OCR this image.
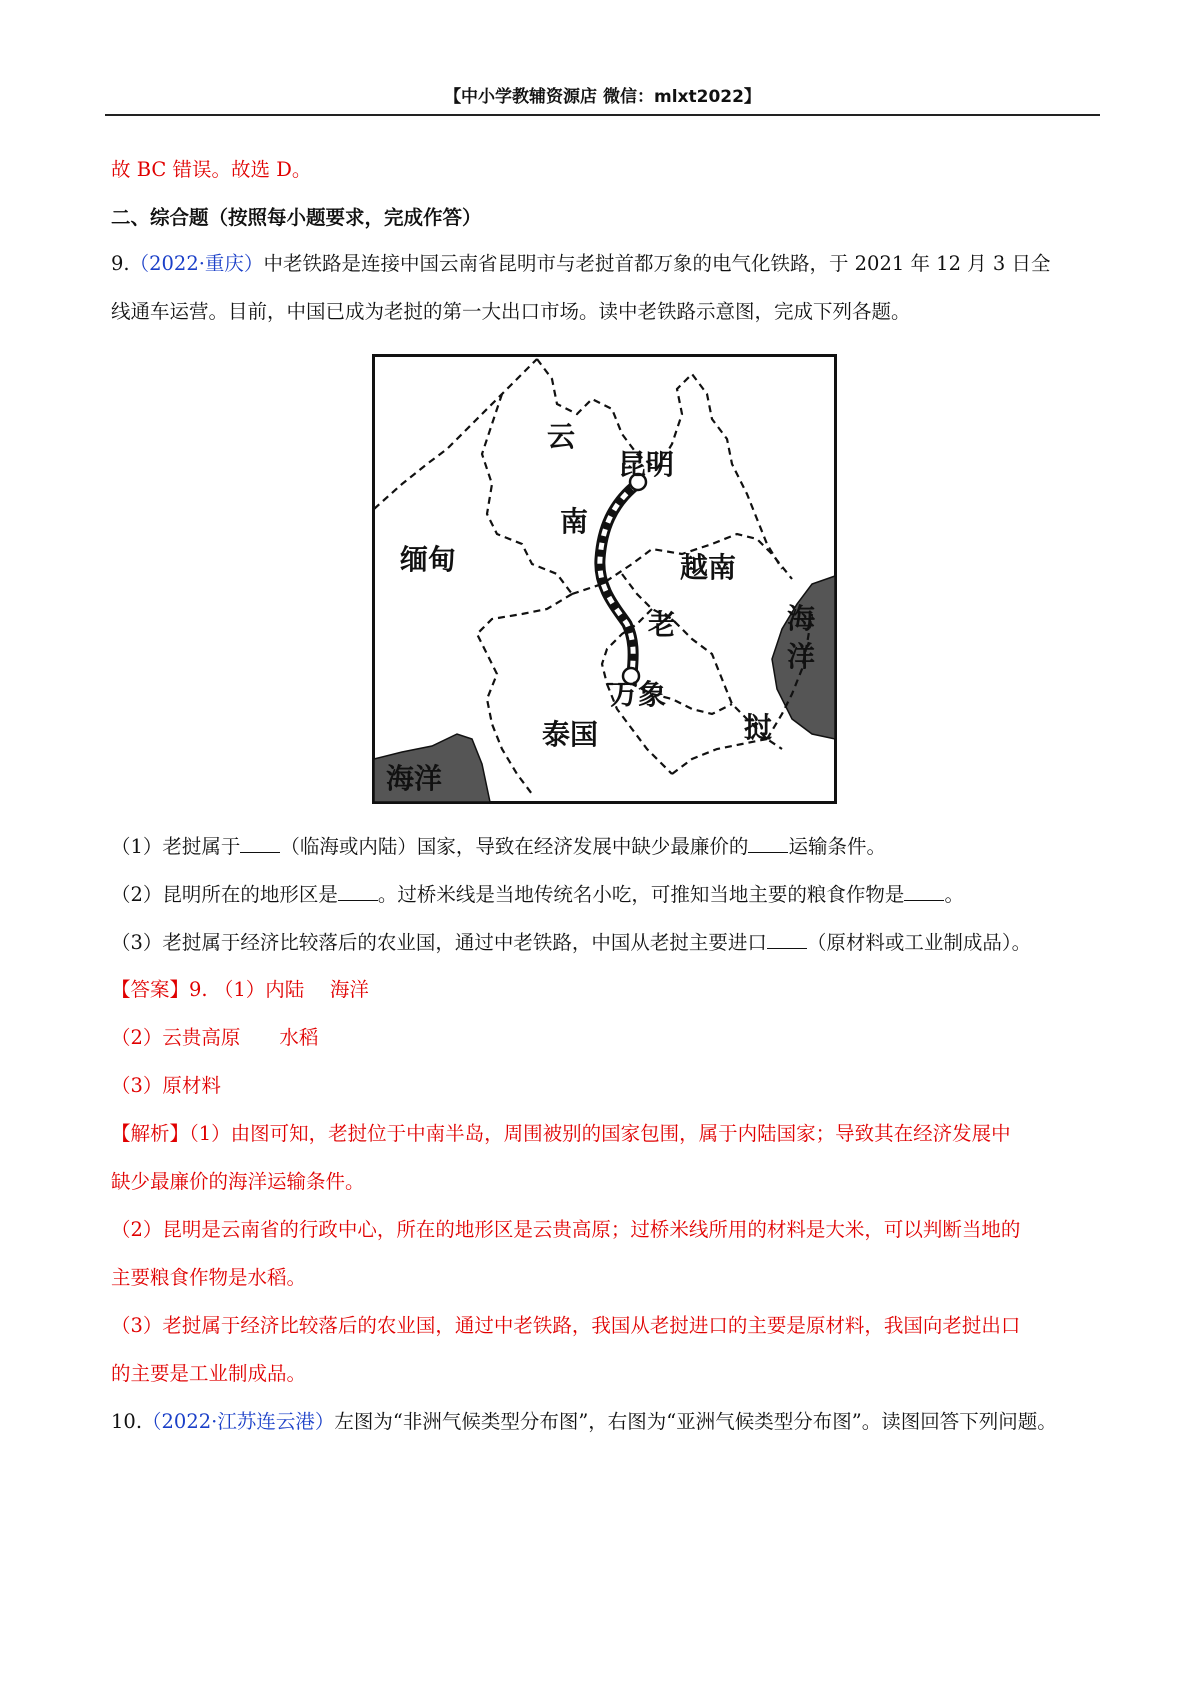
【中小学教辅资源店 微信：mlxt2022】
故 BC 错误。故选 D。
二、综合题（按照每小题要求，完成作答）
9.（2022·重庆）中老铁路是连接中国云南省昆明市与老挝首都万象的电气化铁路，于 2021 年 12 月 3 日全
线通车运营。目前，中国已成为老挝的第一大出口市场。读中老铁路示意图，完成下列各题。
云
昆明
南
缅甸	越南
老
万象
泰国	挝
海
洋
海洋
（1）老挝属于 （临海或内陆）国家，导致在经济发展中缺少最廉价的 运输条件。
（2）昆明所在的地形区是 。过桥米线是当地传统名小吃，可推知当地主要的粮食作物是 。
（3）老挝属于经济比较落后的农业国，通过中老铁路，中国从老挝主要进口 （原材料或工业制成品）。
【答案】9. （1）内陆　 海洋
（2）云贵高原　　水稻
（3）原材料
【解析】（1）由图可知，老挝位于中南半岛，周围被别的国家包围，属于内陆国家；导致其在经济发展中
缺少最廉价的海洋运输条件。
（2）昆明是云南省的行政中心，所在的地形区是云贵高原；过桥米线所用的材料是大米，可以判断当地的
主要粮食作物是水稻。
（3）老挝属于经济比较落后的农业国，通过中老铁路，我国从老挝进口的主要是原材料，我国向老挝出口
的主要是工业制成品。
10.（2022·江苏连云港）左图为“非洲气候类型分布图”，右图为“亚洲气候类型分布图”。读图回答下列问题。
